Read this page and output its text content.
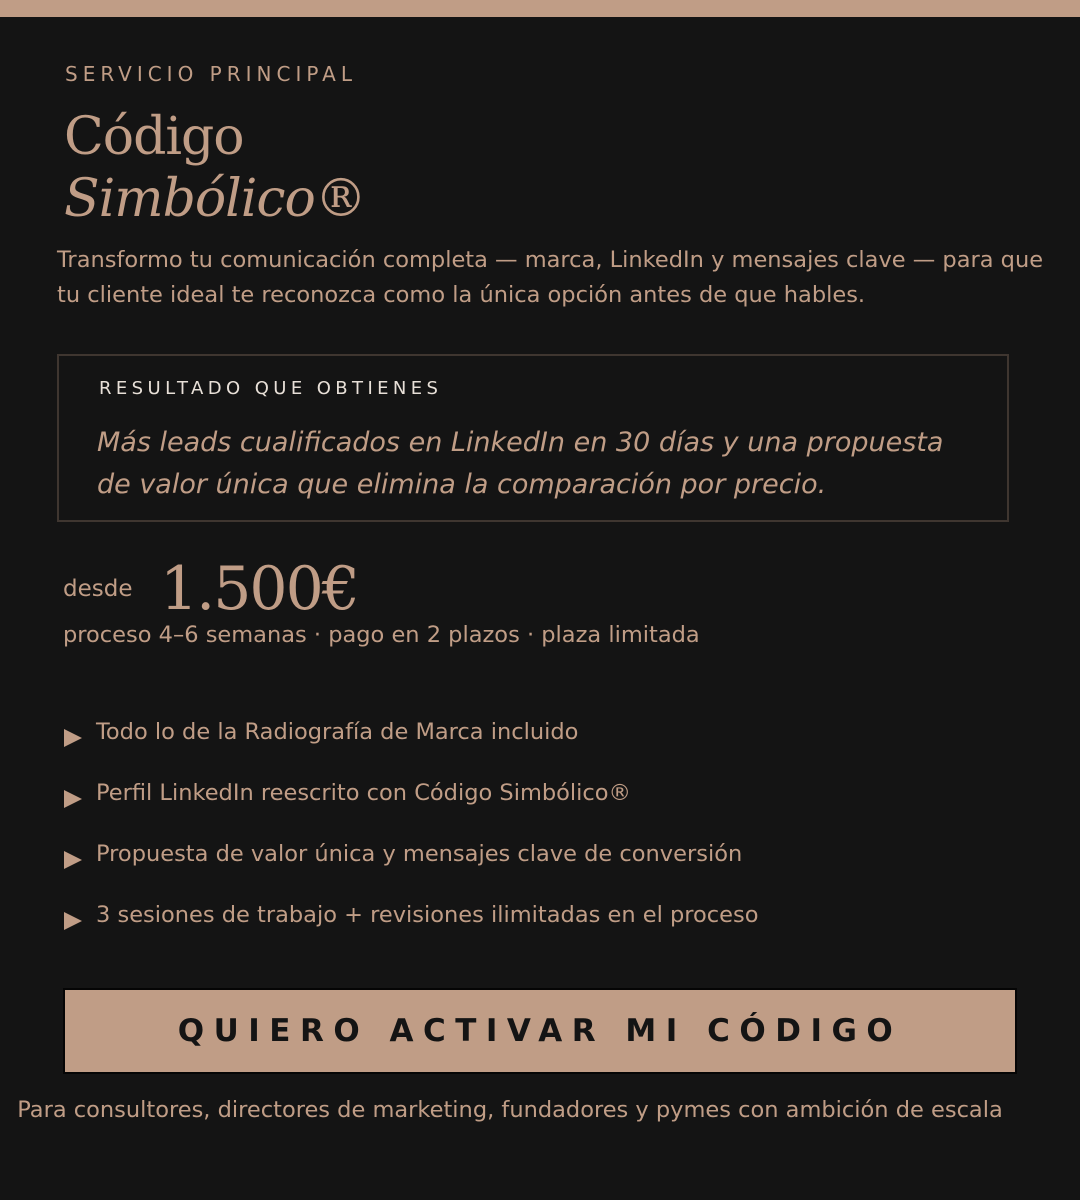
SERVICIO PRINCIPAL
Código
Simbólico®

Transformo tu comunicación completa — marca, LinkedIn y mensajes clave — para que tu cliente ideal te reconozca como la única opción antes de que hables.

RESULTADO QUE OBTIENES
Más leads cualificados en LinkedIn en 30 días y una propuesta de valor única que elimina la comparación por precio.
desde 1.500€
proceso 4–6 semanas · pago en 2 plazos · plaza limitada
Todo lo de la Radiografía de Marca incluido
Perfil LinkedIn reescrito con Código Simbólico®
Propuesta de valor única y mensajes clave de conversión
3 sesiones de trabajo + revisiones ilimitadas en el proceso
QUIERO ACTIVAR MI CÓDIGO
Para consultores, directores de marketing, fundadores y pymes con ambición de escala
